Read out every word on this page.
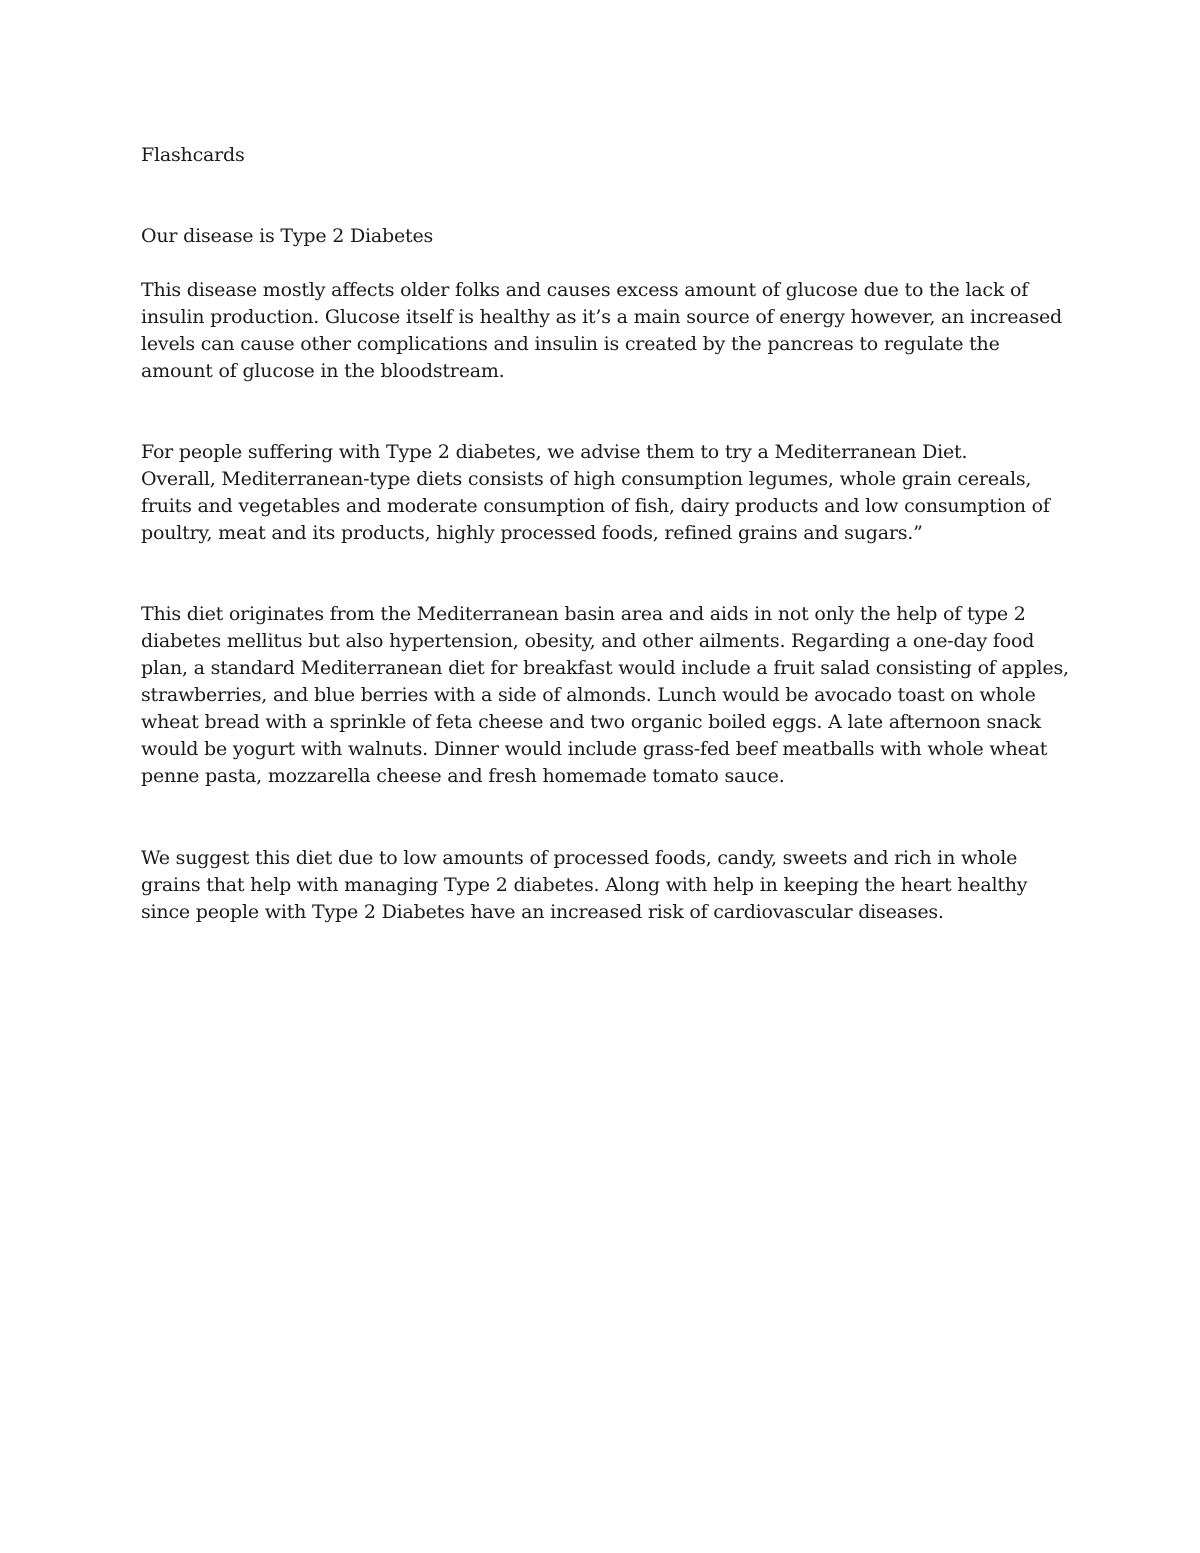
Flashcards

Our disease is Type 2 Diabetes

This disease mostly affects older folks and causes excess amount of glucose due to the lack of
insulin production. Glucose itself is healthy as it’s a main source of energy however, an increased
levels can cause other complications and insulin is created by the pancreas to regulate the
amount of glucose in the bloodstream.

For people suffering with Type 2 diabetes, we advise them to try a Mediterranean Diet.
Overall, Mediterranean-type diets consists of high consumption legumes, whole grain cereals,
fruits and vegetables and moderate consumption of fish, dairy products and low consumption of
poultry, meat and its products, highly processed foods, refined grains and sugars.”

This diet originates from the Mediterranean basin area and aids in not only the help of type 2
diabetes mellitus but also hypertension, obesity, and other ailments. Regarding a one-day food
plan, a standard Mediterranean diet for breakfast would include a fruit salad consisting of apples,
strawberries, and blue berries with a side of almonds. Lunch would be avocado toast on whole
wheat bread with a sprinkle of feta cheese and two organic boiled eggs. A late afternoon snack
would be yogurt with walnuts. Dinner would include grass-fed beef meatballs with whole wheat
penne pasta, mozzarella cheese and fresh homemade tomato sauce.

We suggest this diet due to low amounts of processed foods, candy, sweets and rich in whole
grains that help with managing Type 2 diabetes. Along with help in keeping the heart healthy
since people with Type 2 Diabetes have an increased risk of cardiovascular diseases.
